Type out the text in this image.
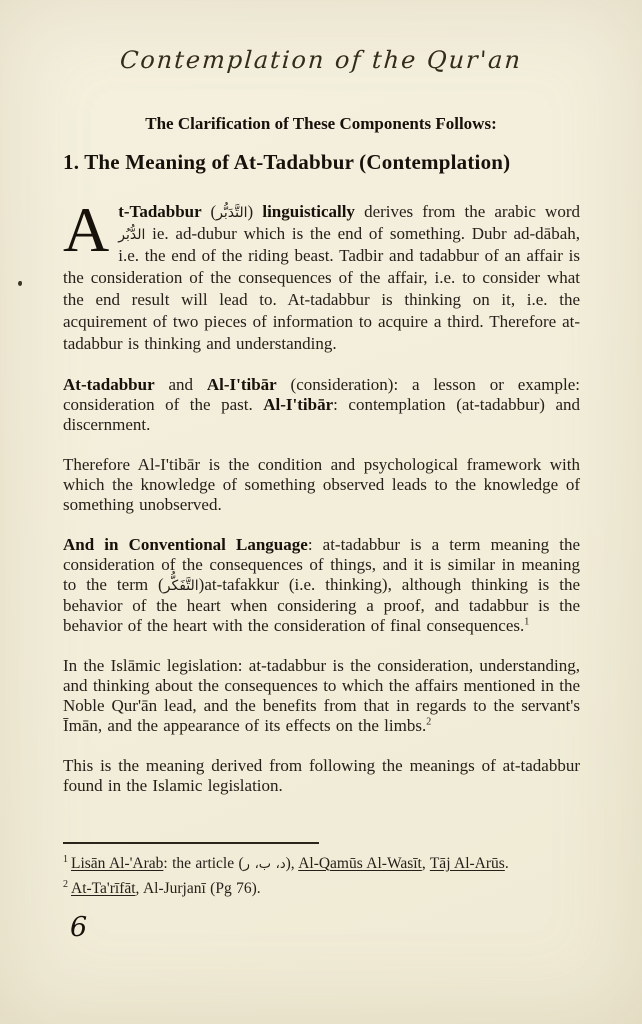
Contemplation of the Qur'an
The Clarification of These Components Follows:
1. The Meaning of At-Tadabbur (Contemplation)

At-Tadabbur (التَّدَبُّر) linguistically derives from the arabic word الدُّبُر ie. ad-dubur which is the end of something. Dubr ad-dābah, i.e. the end of the riding beast. Tadbir and tadabbur of an affair is the consideration of the consequences of the affair, i.e. to consider what the end result will lead to. At-tadabbur is thinking on it, i.e. the acquirement of two pieces of information to acquire a third. Therefore at-tadabbur is thinking and understanding.

At-tadabbur and Al-I'tibār (consideration): a lesson or example: consideration of the past. Al-I'tibār: contemplation (at-tadabbur) and discernment.

Therefore Al-I'tibār is the condition and psychological framework with which the knowledge of something observed leads to the knowledge of something unobserved.

And in Conventional Language: at-tadabbur is a term meaning the consideration of the consequences of things, and it is similar in meaning to the term (التَّفَكُّر)at-tafakkur (i.e. thinking), although thinking is the behavior of the heart when considering a proof, and tadabbur is the behavior of the heart with the consideration of final consequences.$^1$

In the Islāmic legislation: at-tadabbur is the consideration, understanding, and thinking about the consequences to which the affairs mentioned in the Noble Qur'ān lead, and the benefits from that in regards to the servant's Īmān, and the appearance of its effects on the limbs.$^2$

This is the meaning derived from following the meanings of at-tadabbur found in the Islamic legislation.

$^1$ Lisān Al-'Arab: the article (د، ب، ر), Al-Qamūs Al-Wasīt, Tāj Al-Arūs.

$^2$ At-Ta'rīfāt, Al-Jurjanī (Pg 76).

6
